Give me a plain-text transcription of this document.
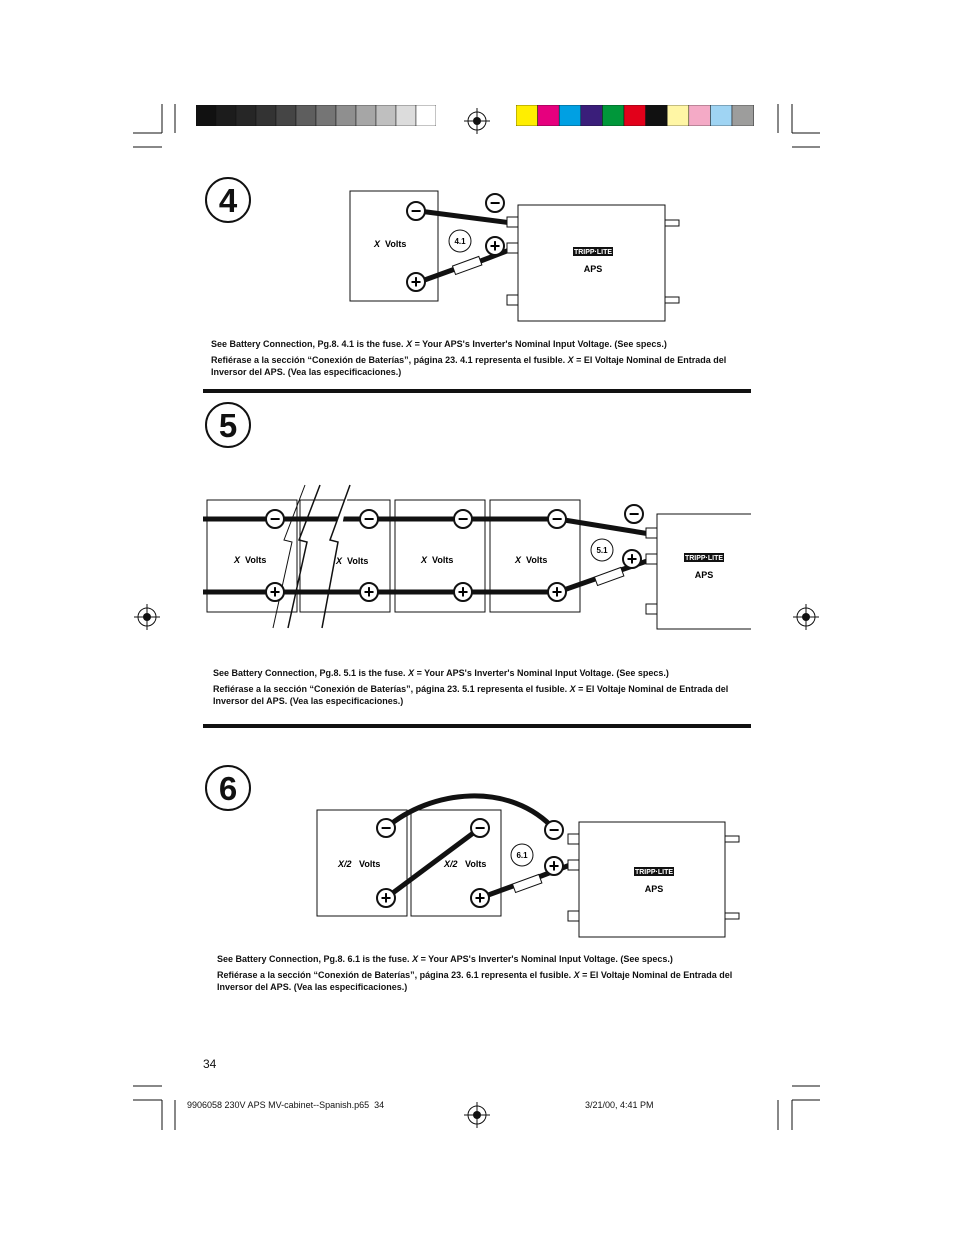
4
X Volts	4.1
−
+
−
+	TRIPP·LITE
APS

See Battery Connection, Pg.8. 4.1 is the fuse. X = Your APS's Inverter's Nominal Input Voltage. (See specs.)

Refiérase a la sección “Conexión de Baterías”, página 23. 4.1 representa el fusible. X = El Voltaje Nominal de Entrada del Inversor del APS. (Vea las especificaciones.)

5
X Volts	X Volts	X Volts	X Volts
−
+
−
+
−
+
−
+
−
+
5.1
TRIPP·LITE
APS

See Battery Connection, Pg.8. 5.1 is the fuse. X = Your APS's Inverter's Nominal Input Voltage. (See specs.)

Refiérase a la sección “Conexión de Baterías”, página 23. 5.1 representa el fusible. X = El Voltaje Nominal de Entrada del Inversor del APS. (Vea las especificaciones.)

6
6.1
X/2 Volts	X/2 Volts
−
+
−
+
−
+	TRIPP·LITE
APS

See Battery Connection, Pg.8. 6.1 is the fuse. X = Your APS's Inverter's Nominal Input Voltage. (See specs.)

Refiérase a la sección “Conexión de Baterías”, página 23. 6.1 representa el fusible. X = El Voltaje Nominal de Entrada del Inversor del APS. (Vea las especificaciones.)

34
9906058 230V APS MV-cabinet--Spanish.p65 34	3/21/00, 4:41 PM
